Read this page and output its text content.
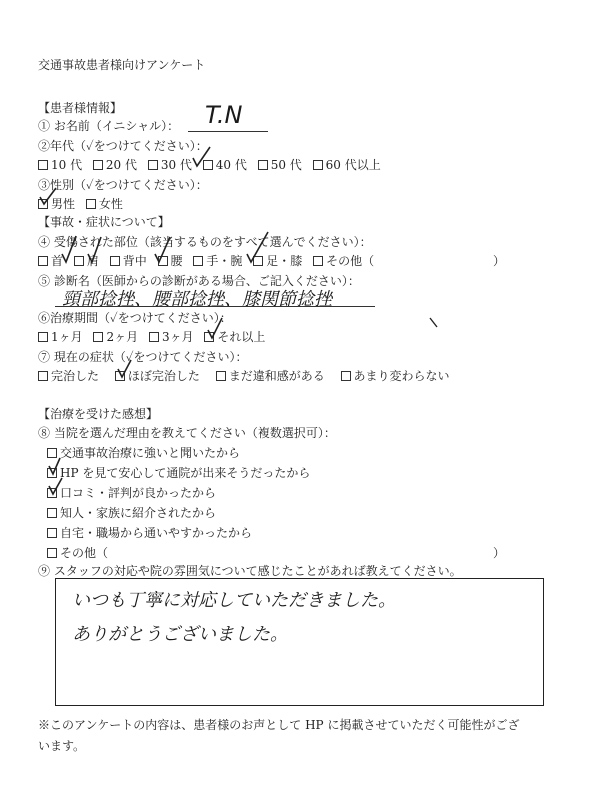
交通事故患者様向けアンケート
【患者様情報】
① お名前（イニシャル）： T.N
②年代（✓をつけてください）：
10 代 20 代 30 代 40 代 50 代 60 代以上
③性別（✓をつけてください）：
男性 女性
【事故・症状について】
④ 受傷された部位（該当するものをすべて選んでください）：
首 肩 背中 腰 手・腕 足・膝 その他（	）
⑤ 診断名（医師からの診断がある場合、ご記入ください）：
頸部捻挫、腰部捻挫、膝関節捻挫
⑥治療期間（✓をつけてください）：
1ヶ月 2ヶ月 3ヶ月 それ以上
⑦ 現在の症状（✓をつけてください）：
完治した ほぼ完治した まだ違和感がある あまり変わらない
【治療を受けた感想】
⑧ 当院を選んだ理由を教えてください（複数選択可）：
交通事故治療に強いと聞いたから
HP を見て安心して通院が出来そうだったから
口コミ・評判が良かったから
知人・家族に紹介されたから
自宅・職場から通いやすかったから
その他（	）
⑨ スタッフの対応や院の雰囲気について感じたことがあれば教えてください。
いつも丁寧に対応していただきました。
ありがとうございました。
※このアンケートの内容は、患者様のお声として HP に掲載させていただく可能性がござ
います。
